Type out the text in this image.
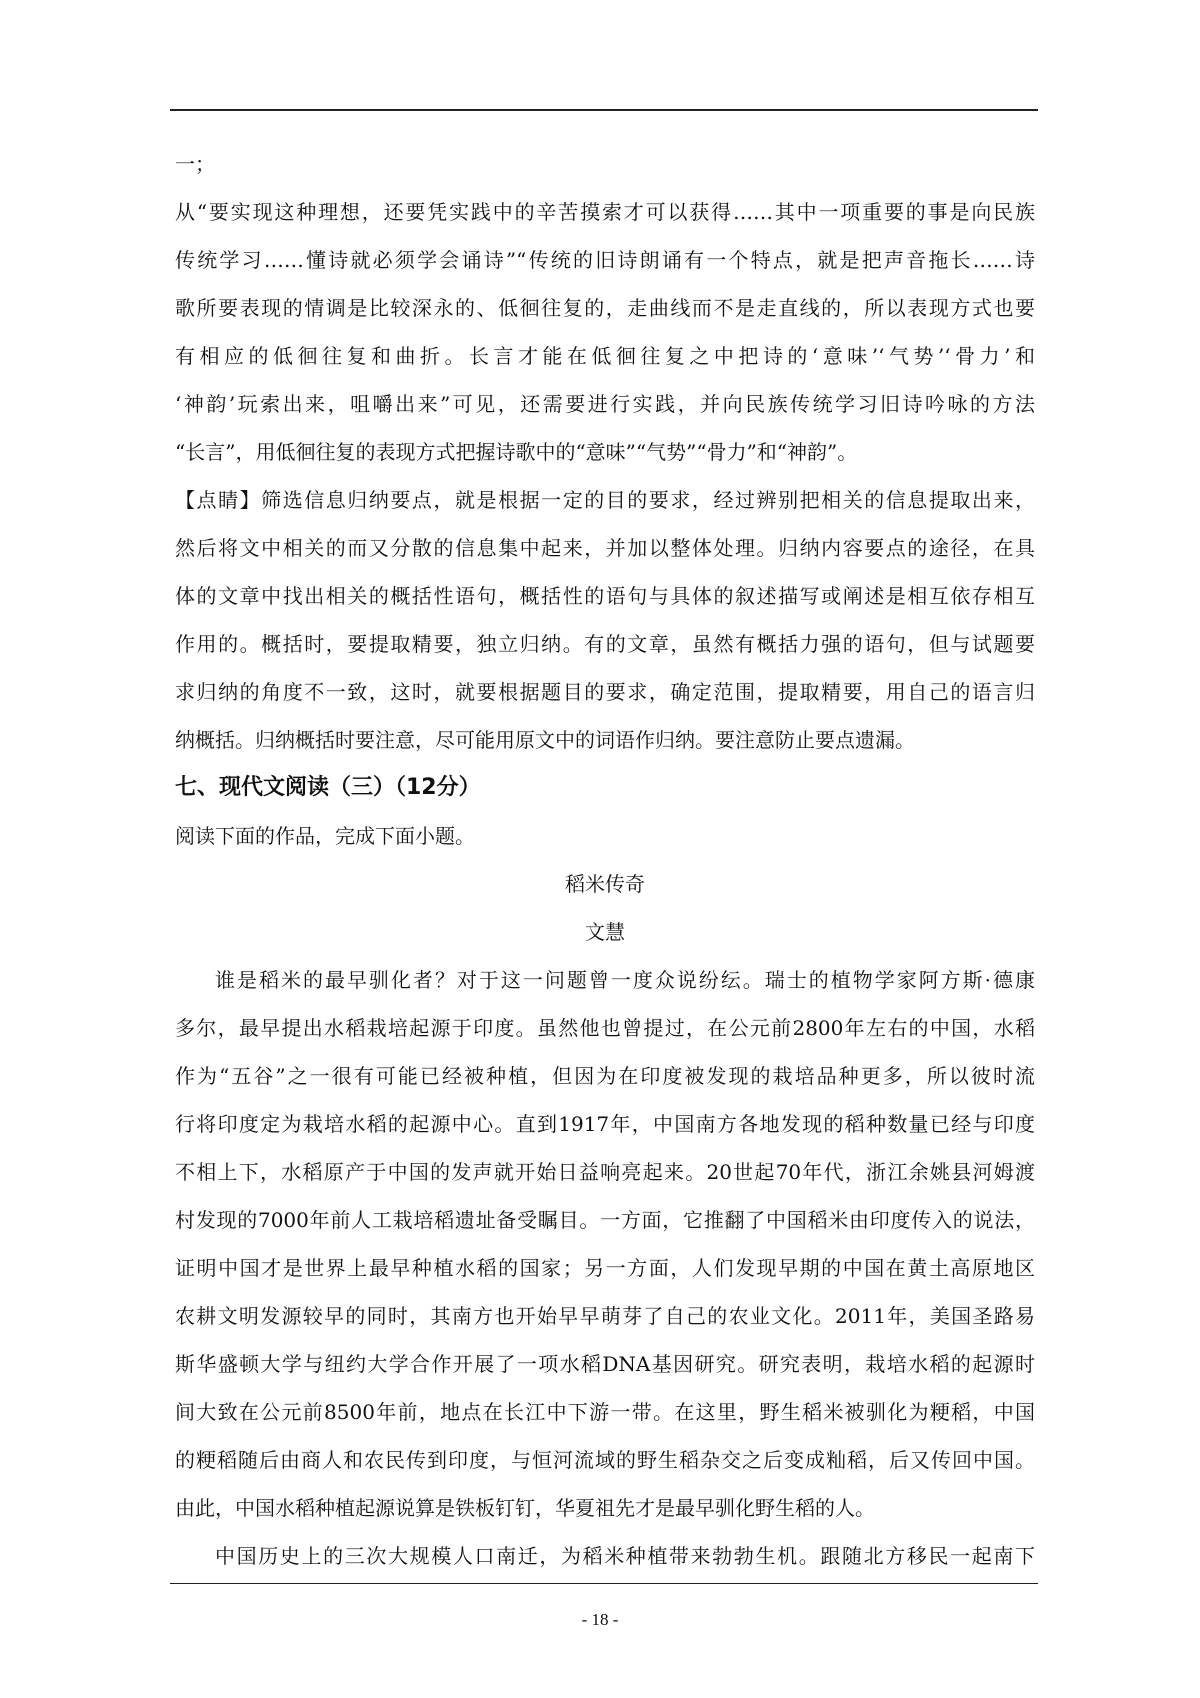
一；
从“要实现这种理想，还要凭实践中的辛苦摸索才可以获得……其中一项重要的事是向民族
传统学习……懂诗就必须学会诵诗”“传统的旧诗朗诵有一个特点，就是把声音拖长……诗
歌所要表现的情调是比较深永的、低徊往复的，走曲线而不是走直线的，所以表现方式也要
有相应的低徊往复和曲折。长言才能在低徊往复之中把诗的‘意味’‘气势’‘骨力’和
‘神韵’玩索出来，咀嚼出来”可见，还需要进行实践，并向民族传统学习旧诗吟咏的方法
“长言”，用低徊往复的表现方式把握诗歌中的“意味”“气势”“骨力”和“神韵”。
【点睛】筛选信息归纳要点，就是根据一定的目的要求，经过辨别把相关的信息提取出来，
然后将文中相关的而又分散的信息集中起来，并加以整体处理。归纳内容要点的途径，在具
体的文章中找出相关的概括性语句，概括性的语句与具体的叙述描写或阐述是相互依存相互
作用的。概括时，要提取精要，独立归纳。有的文章，虽然有概括力强的语句，但与试题要
求归纳的角度不一致，这时，就要根据题目的要求，确定范围，提取精要，用自己的语言归
纳概括。归纳概括时要注意，尽可能用原文中的词语作归纳。要注意防止要点遗漏。
七、现代文阅读（三）（12分）
阅读下面的作品，完成下面小题。
稻米传奇
文慧
谁是稻米的最早驯化者？对于这一问题曾一度众说纷纭。瑞士的植物学家阿方斯·德康
多尔，最早提出水稻栽培起源于印度。虽然他也曾提过，在公元前2800年左右的中国，水稻
作为“五谷”之一很有可能已经被种植，但因为在印度被发现的栽培品种更多，所以彼时流
行将印度定为栽培水稻的起源中心。直到1917年，中国南方各地发现的稻种数量已经与印度
不相上下，水稻原产于中国的发声就开始日益响亮起来。20世起70年代，浙江余姚县河姆渡
村发现的7000年前人工栽培稻遗址备受瞩目。一方面，它推翻了中国稻米由印度传入的说法，
证明中国才是世界上最早种植水稻的国家；另一方面，人们发现早期的中国在黄土高原地区
农耕文明发源较早的同时，其南方也开始早早萌芽了自己的农业文化。2011年，美国圣路易
斯华盛顿大学与纽约大学合作开展了一项水稻DNA基因研究。研究表明，栽培水稻的起源时
间大致在公元前8500年前，地点在长江中下游一带。在这里，野生稻米被驯化为粳稻，中国
的粳稻随后由商人和农民传到印度，与恒河流域的野生稻杂交之后变成籼稻，后又传回中国。
由此，中国水稻种植起源说算是铁板钉钉，华夏祖先才是最早驯化野生稻的人。
中国历史上的三次大规模人口南迁，为稻米种植带来勃勃生机。跟随北方移民一起南下
- 18 -
